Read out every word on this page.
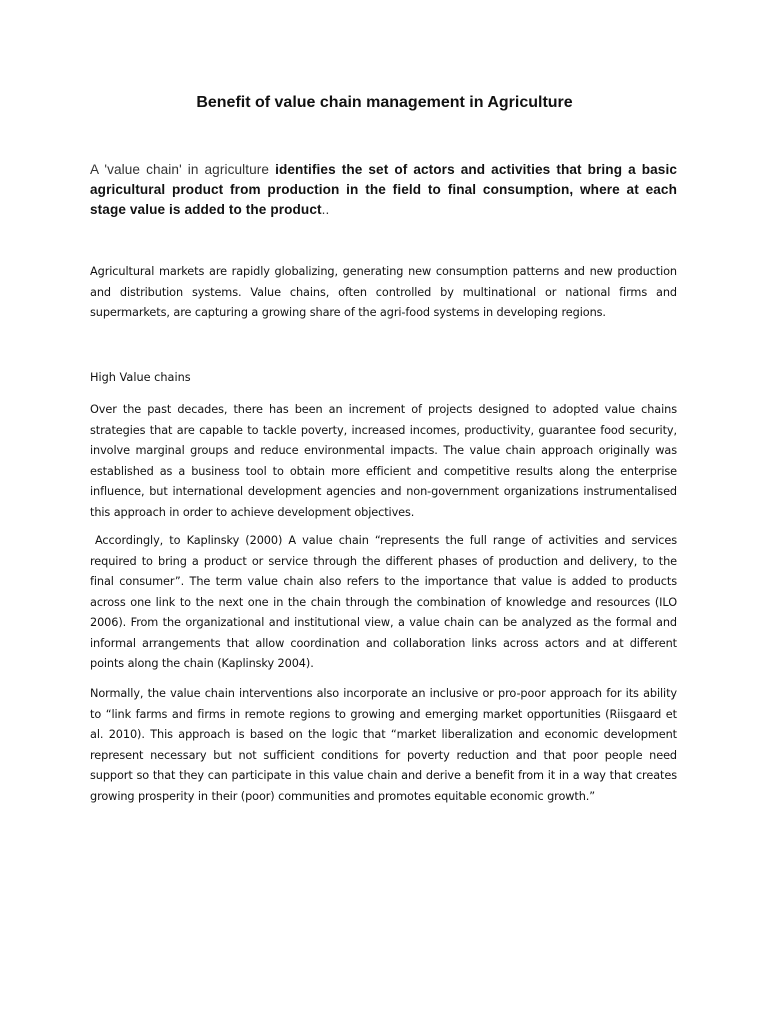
Benefit of value chain management in Agriculture

A 'value chain' in agriculture identifies the set of actors and activities that bring a basic agricultural product from production in the field to final consumption, where at each stage value is added to the product..

Agricultural markets are rapidly globalizing, generating new consumption patterns and new production and distribution systems. Value chains, often controlled by multinational or national firms and supermarkets, are capturing a growing share of the agri-food systems in developing regions.

High Value chains

Over the past decades, there has been an increment of projects designed to adopted value chains strategies that are capable to tackle poverty, increased incomes, productivity, guarantee food security, involve marginal groups and reduce environmental impacts. The value chain approach originally was established as a business tool to obtain more efficient and competitive results along the enterprise influence, but international development agencies and non-government organizations instrumentalised this approach in order to achieve development objectives.

Accordingly, to Kaplinsky (2000) A value chain “represents the full range of activities and services required to bring a product or service through the different phases of production and delivery, to the final consumer”. The term value chain also refers to the importance that value is added to products across one link to the next one in the chain through the combination of knowledge and resources (ILO 2006). From the organizational and institutional view, a value chain can be analyzed as the formal and informal arrangements that allow coordination and collaboration links across actors and at different points along the chain (Kaplinsky 2004).

Normally, the value chain interventions also incorporate an inclusive or pro-poor approach for its ability to “link farms and firms in remote regions to growing and emerging market opportunities (Riisgaard et al. 2010). This approach is based on the logic that “market liberalization and economic development represent necessary but not sufficient conditions for poverty reduction and that poor people need support so that they can participate in this value chain and derive a benefit from it in a way that creates growing prosperity in their (poor) communities and promotes equitable economic growth.”
